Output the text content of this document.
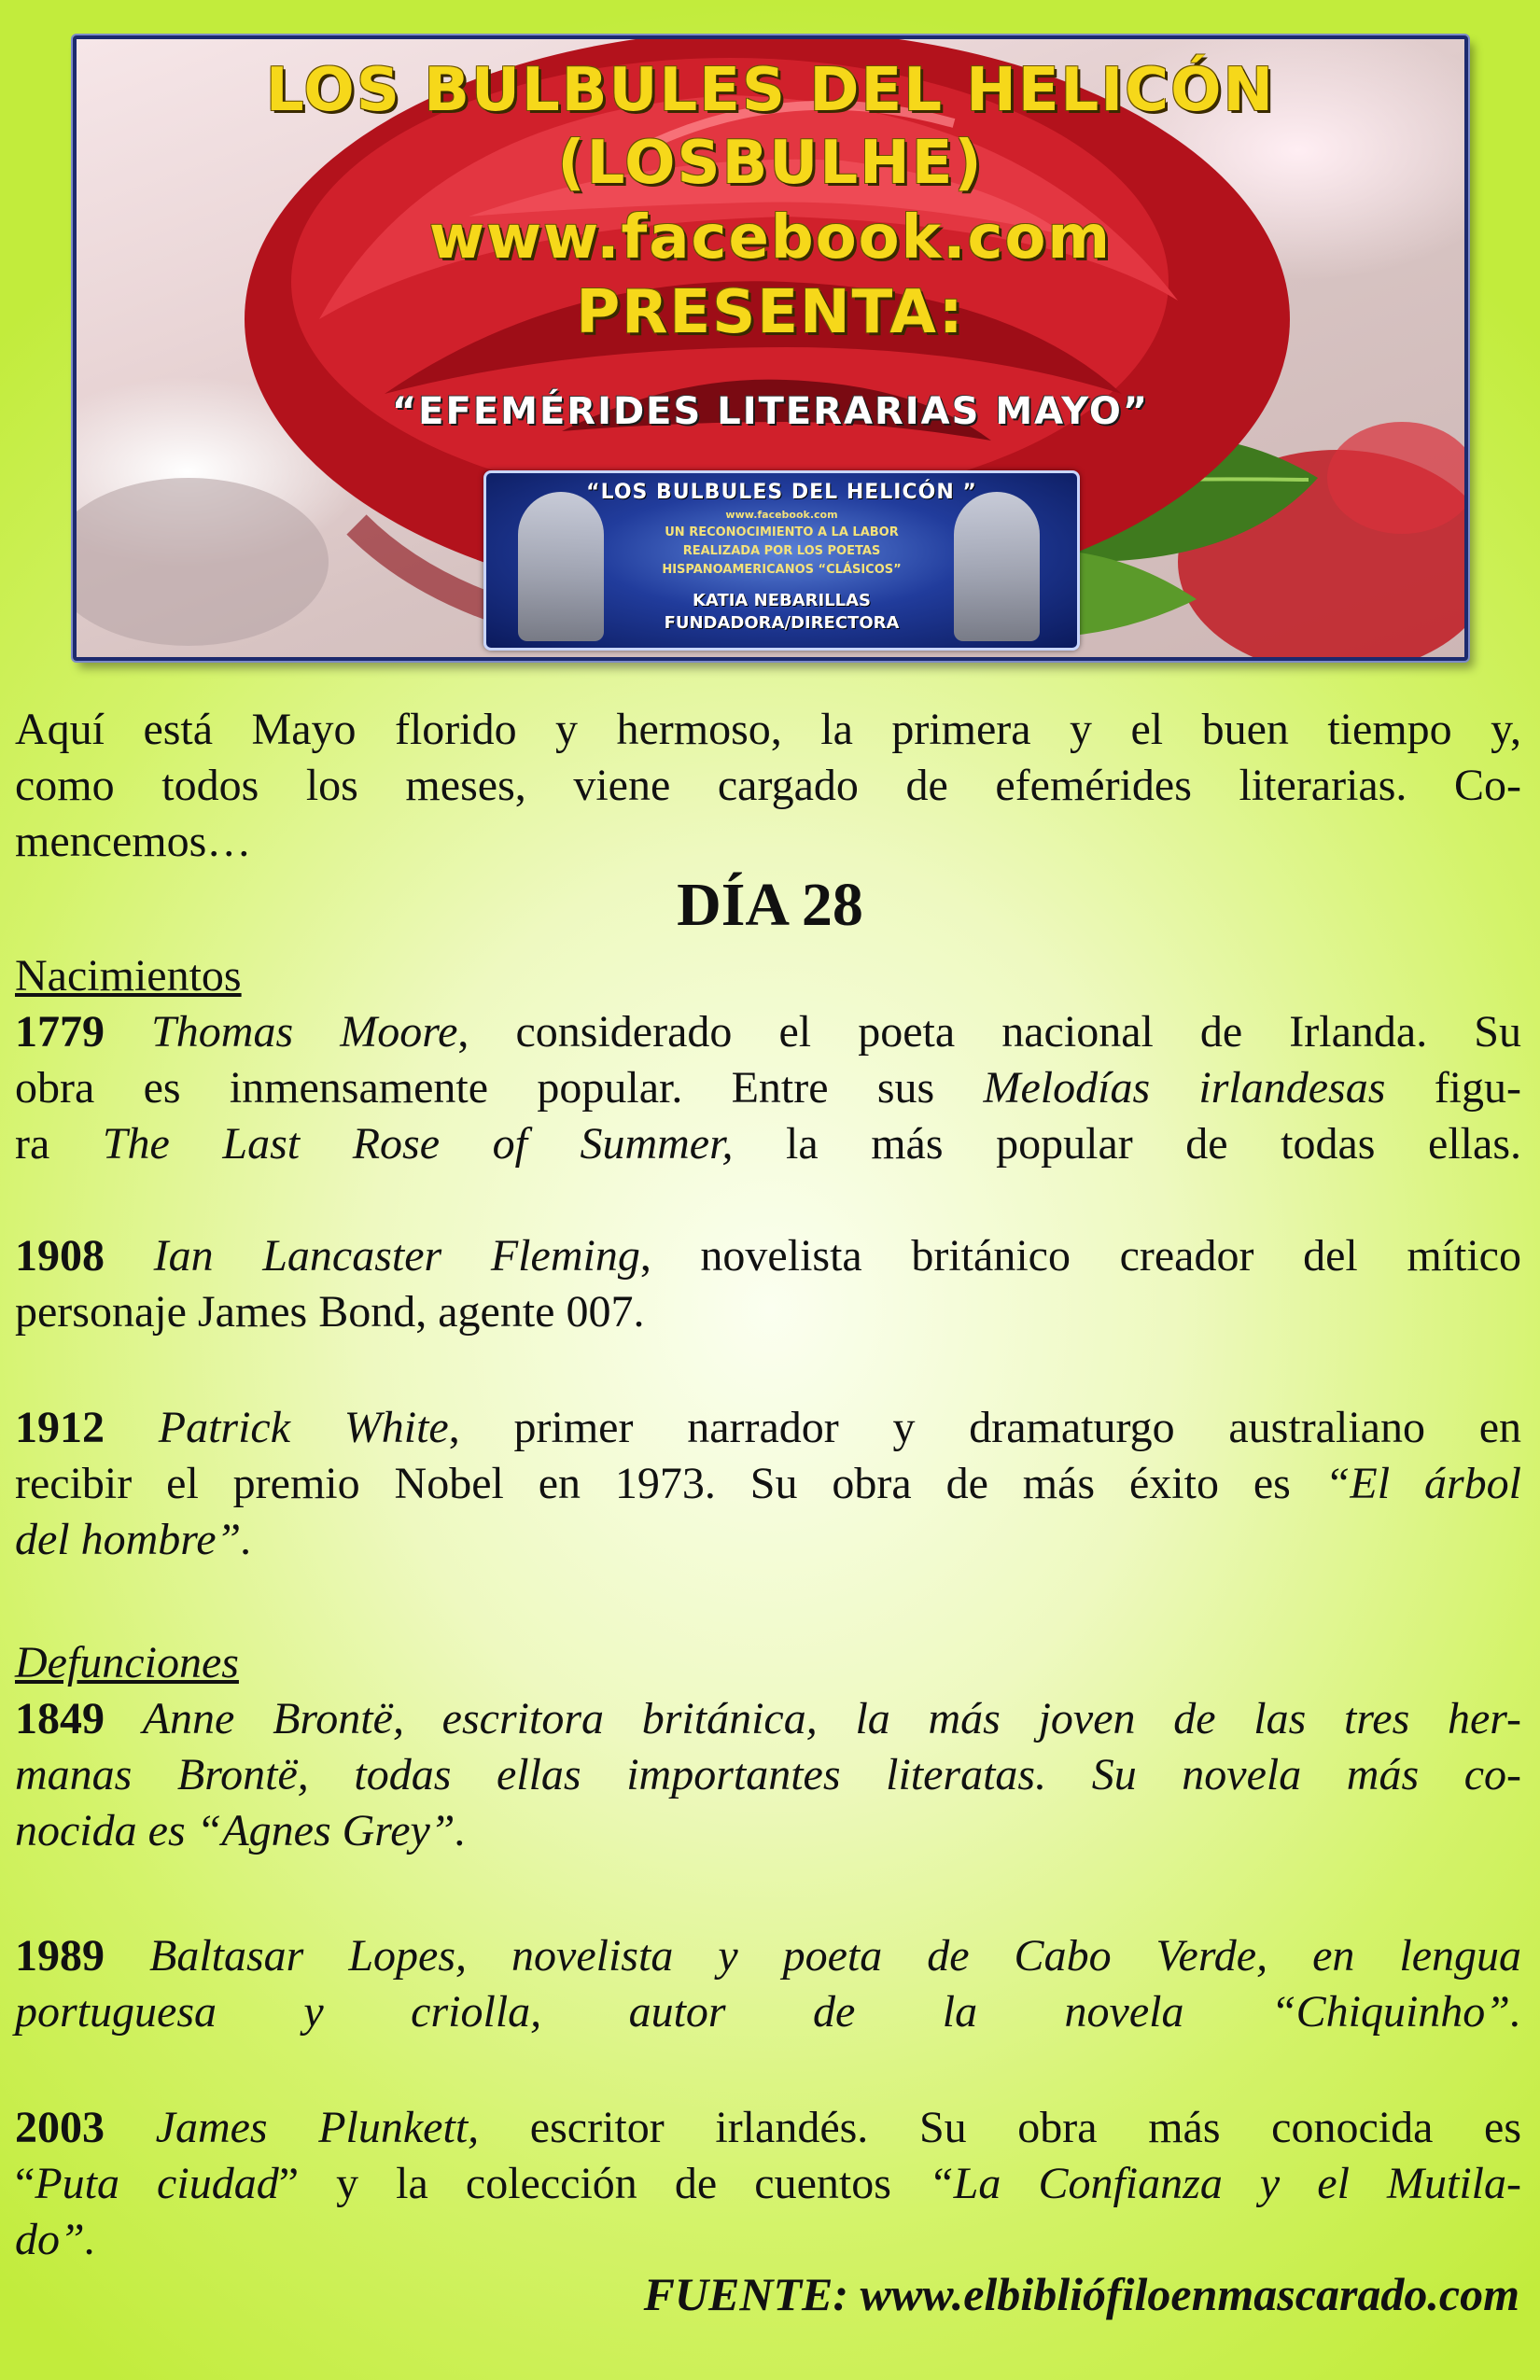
LOS BULBULES DEL HELICÓN
(LOSBULHE)
www.facebook.com
PRESENTA:
“EFEMÉRIDES LITERARIAS MAYO”
“LOS BULBULES DEL HELICÓN ”
www.facebook.com
UN RECONOCIMIENTO A LA LABOR
REALIZADA POR LOS POETAS
HISPANOAMERICANOS “CLÁSICOS”
KATIA NEBARILLAS
FUNDADORA/DIRECTORA
Aquí está Mayo florido y hermoso, la primera y el buen tiempo y,
como todos los meses, viene cargado de efemérides literarias. Co-
mencemos…
DÍA 28
Nacimientos
1779 Thomas Moore, considerado el poeta nacional de Irlanda. Su
obra es inmensamente popular. Entre sus Melodías irlandesas figu-
ra The Last Rose of Summer, la más popular de todas ellas.
1908 Ian Lancaster Fleming, novelista británico creador del mítico
personaje James Bond, agente 007.
1912 Patrick White, primer narrador y dramaturgo australiano en
recibir el premio Nobel en 1973. Su obra de más éxito es “El árbol
del hombre”.
Defunciones
1849 Anne Brontë, escritora británica, la más joven de las tres her-
manas Brontë, todas ellas importantes literatas. Su novela más co-
nocida es “Agnes Grey”.
1989 Baltasar Lopes, novelista y poeta de Cabo Verde, en lengua
portuguesa y criolla, autor de la novela “Chiquinho”.
2003 James Plunkett, escritor irlandés. Su obra más conocida es
“Puta ciudad” y la colección de cuentos “La Confianza y el Mutila-
do”.
FUENTE: www.elbibliófiloenmascarado.com
